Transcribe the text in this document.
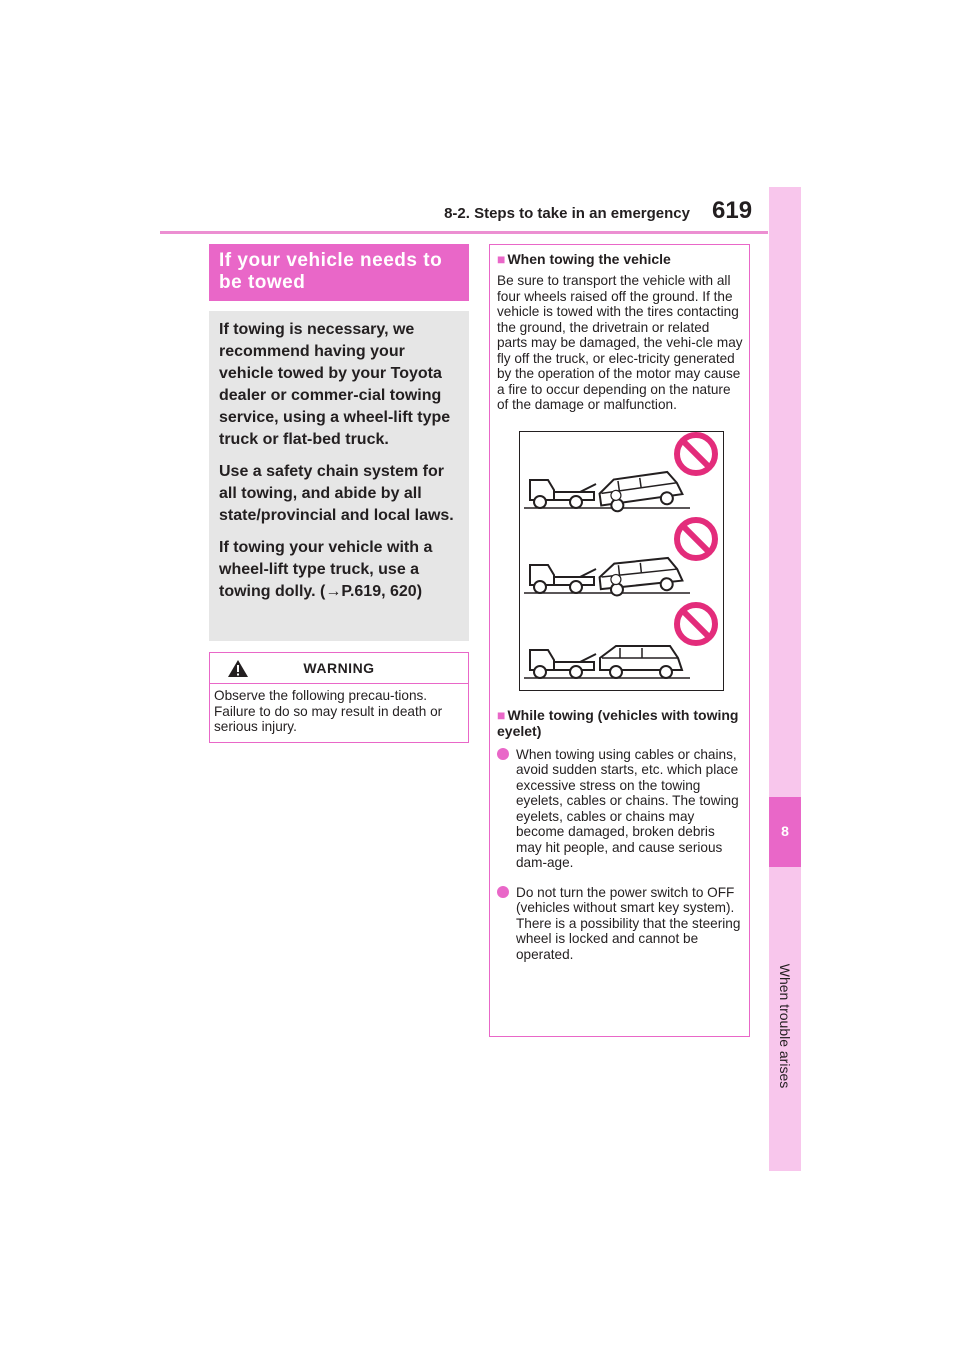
8-2. Steps to take in an emergency 619
8
When trouble arises
If your vehicle needs to be towed

If towing is necessary, we recommend having your vehicle towed by your Toyota dealer or commer-cial towing service, using a wheel-lift type truck or flat-bed truck.

Use a safety chain system for all towing, and abide by all state/provincial and local laws.

If towing your vehicle with a wheel-lift type truck, use a towing dolly. (→P.619, 620)

WARNING
Observe the following precau-tions. Failure to do so may result in death or serious injury.

■ When towing the vehicle

Be sure to transport the vehicle with all four wheels raised off the ground. If the vehicle is towed with the tires contacting the ground, the drivetrain or related parts may be damaged, the vehi-cle may fly off the truck, or elec-tricity generated by the operation of the motor may cause a fire to occur depending on the nature of the damage or malfunction.

■ While towing (vehicles with towing eyelet)

When towing using cables or chains, avoid sudden starts, etc. which place excessive stress on the towing eyelets, cables or chains. The towing eyelets, cables or chains may become damaged, broken debris may hit people, and cause serious dam-age.

Do not turn the power switch to OFF (vehicles without smart key system).
There is a possibility that the steering wheel is locked and cannot be operated.
